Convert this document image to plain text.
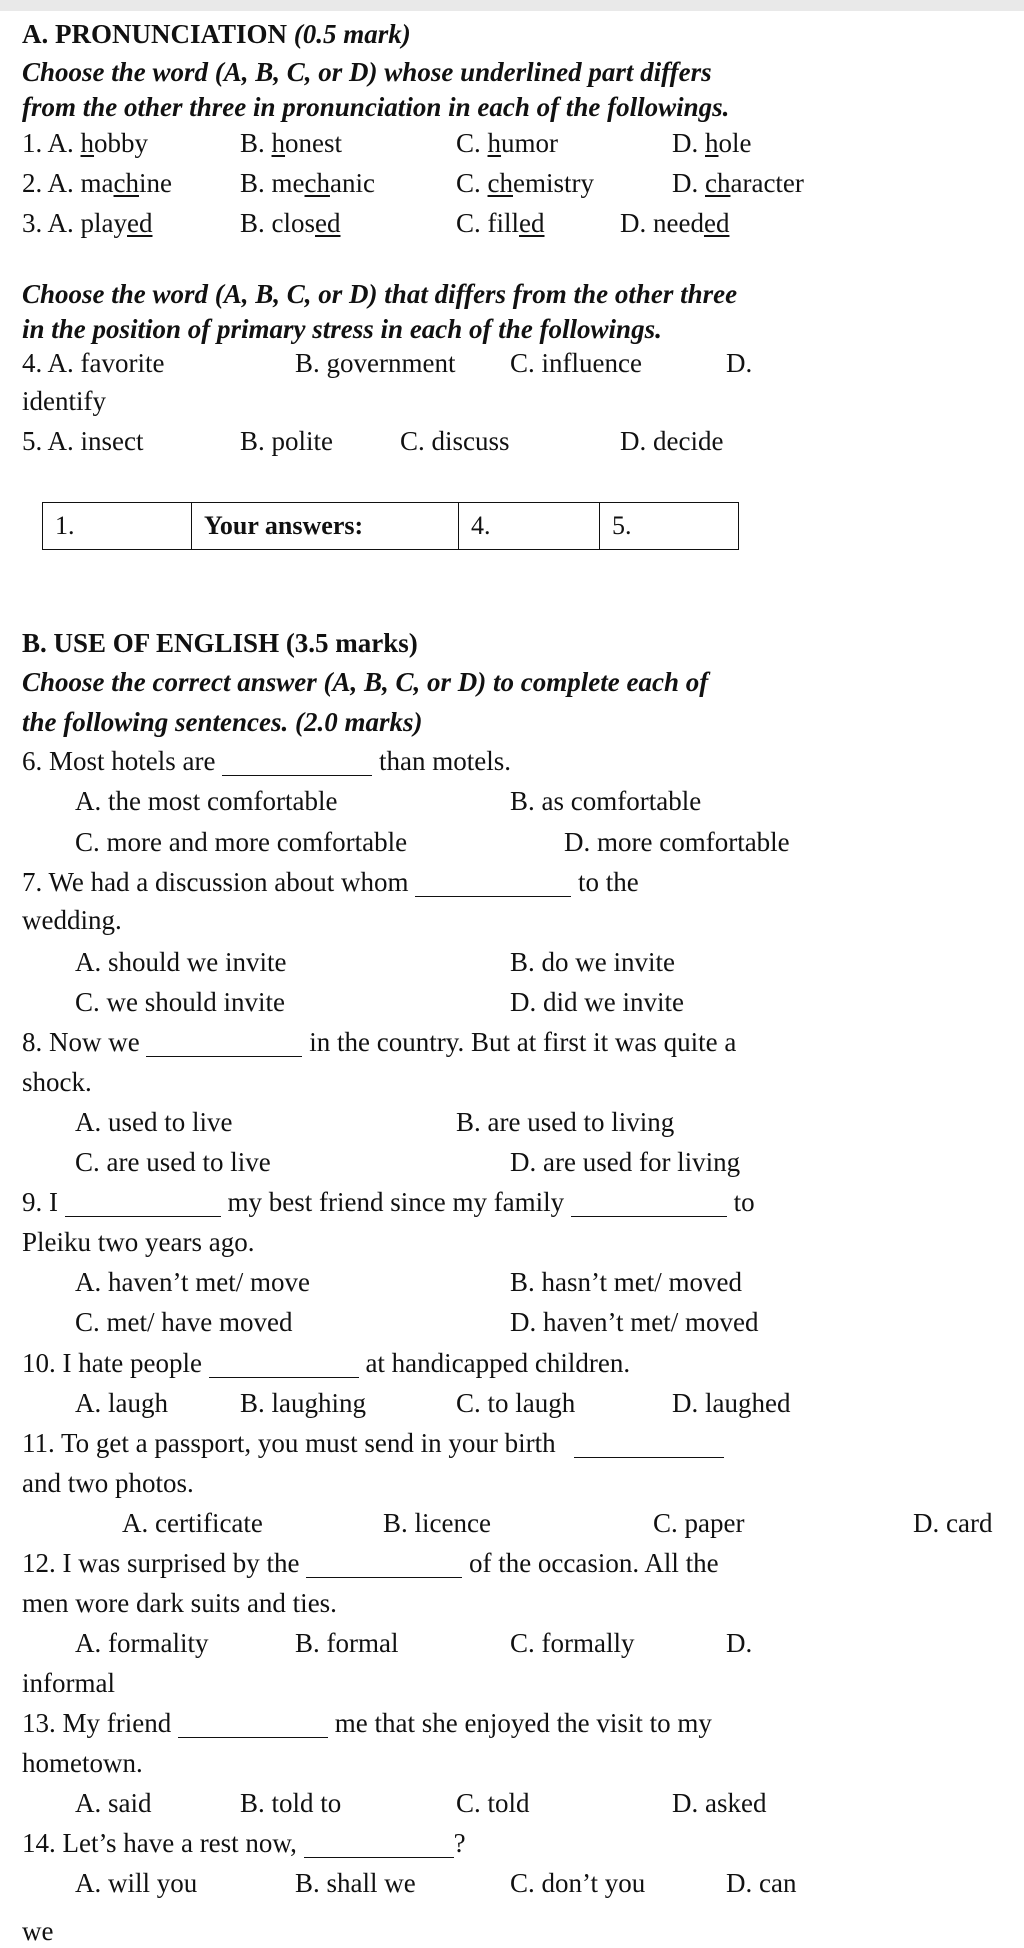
A. PRONUNCIATION (0.5 mark)
Choose the word (A, B, C, or D) whose underlined part differs
from the other three in pronunciation in each of the followings.
1. A. hobby	B. honest	C. humor	D. hole
2. A. machine	B. mechanic	C. chemistry	D. character
3. A. played	B. closed	C. filled	D. needed
Choose the word (A, B, C, or D) that differs from the other three
in the position of primary stress in each of the followings.
4. A. favorite	B. government C. influence	D.
identify
5. A. insect	B. polite C. discuss	D. decide
1.	Your answers:	4.	5.
B. USE OF ENGLISH (3.5 marks)
Choose the correct answer (A, B, C, or D) to complete each of
the following sentences. (2.0 marks)
6. Most hotels are	than motels.
A. the most comfortable	B. as comfortable
C. more and more comfortable	D. more comfortable
7. We had a discussion about whom	to the
wedding.
A. should we invite	B. do we invite
C. we should invite	D. did we invite
8. Now we	in the country. But at first it was quite a
shock.
A. used to live	B. are used to living
C. are used to live	D. are used for living
9. I	my best friend since my family	to
Pleiku two years ago.
A. haven’t met/ move	B. hasn’t met/ moved
C. met/ have moved	D. haven’t met/ moved
10. I hate people	at handicapped children.
A. laugh	B. laughing	C. to laugh	D. laughed
11. To get a passport, you must send in your birth
and two photos.
A. certificate	B. licence	C. paper	D. card
12. I was surprised by the	of the occasion. All the
men wore dark suits and ties.
A. formality	B. formal	C. formally	D.
informal
13. My friend	me that she enjoyed the visit to my
hometown.
A. said	B. told to	C. told	D. asked
14. Let’s have a rest now,	?
A. will you	B. shall we	C. don’t you	D. can
we
